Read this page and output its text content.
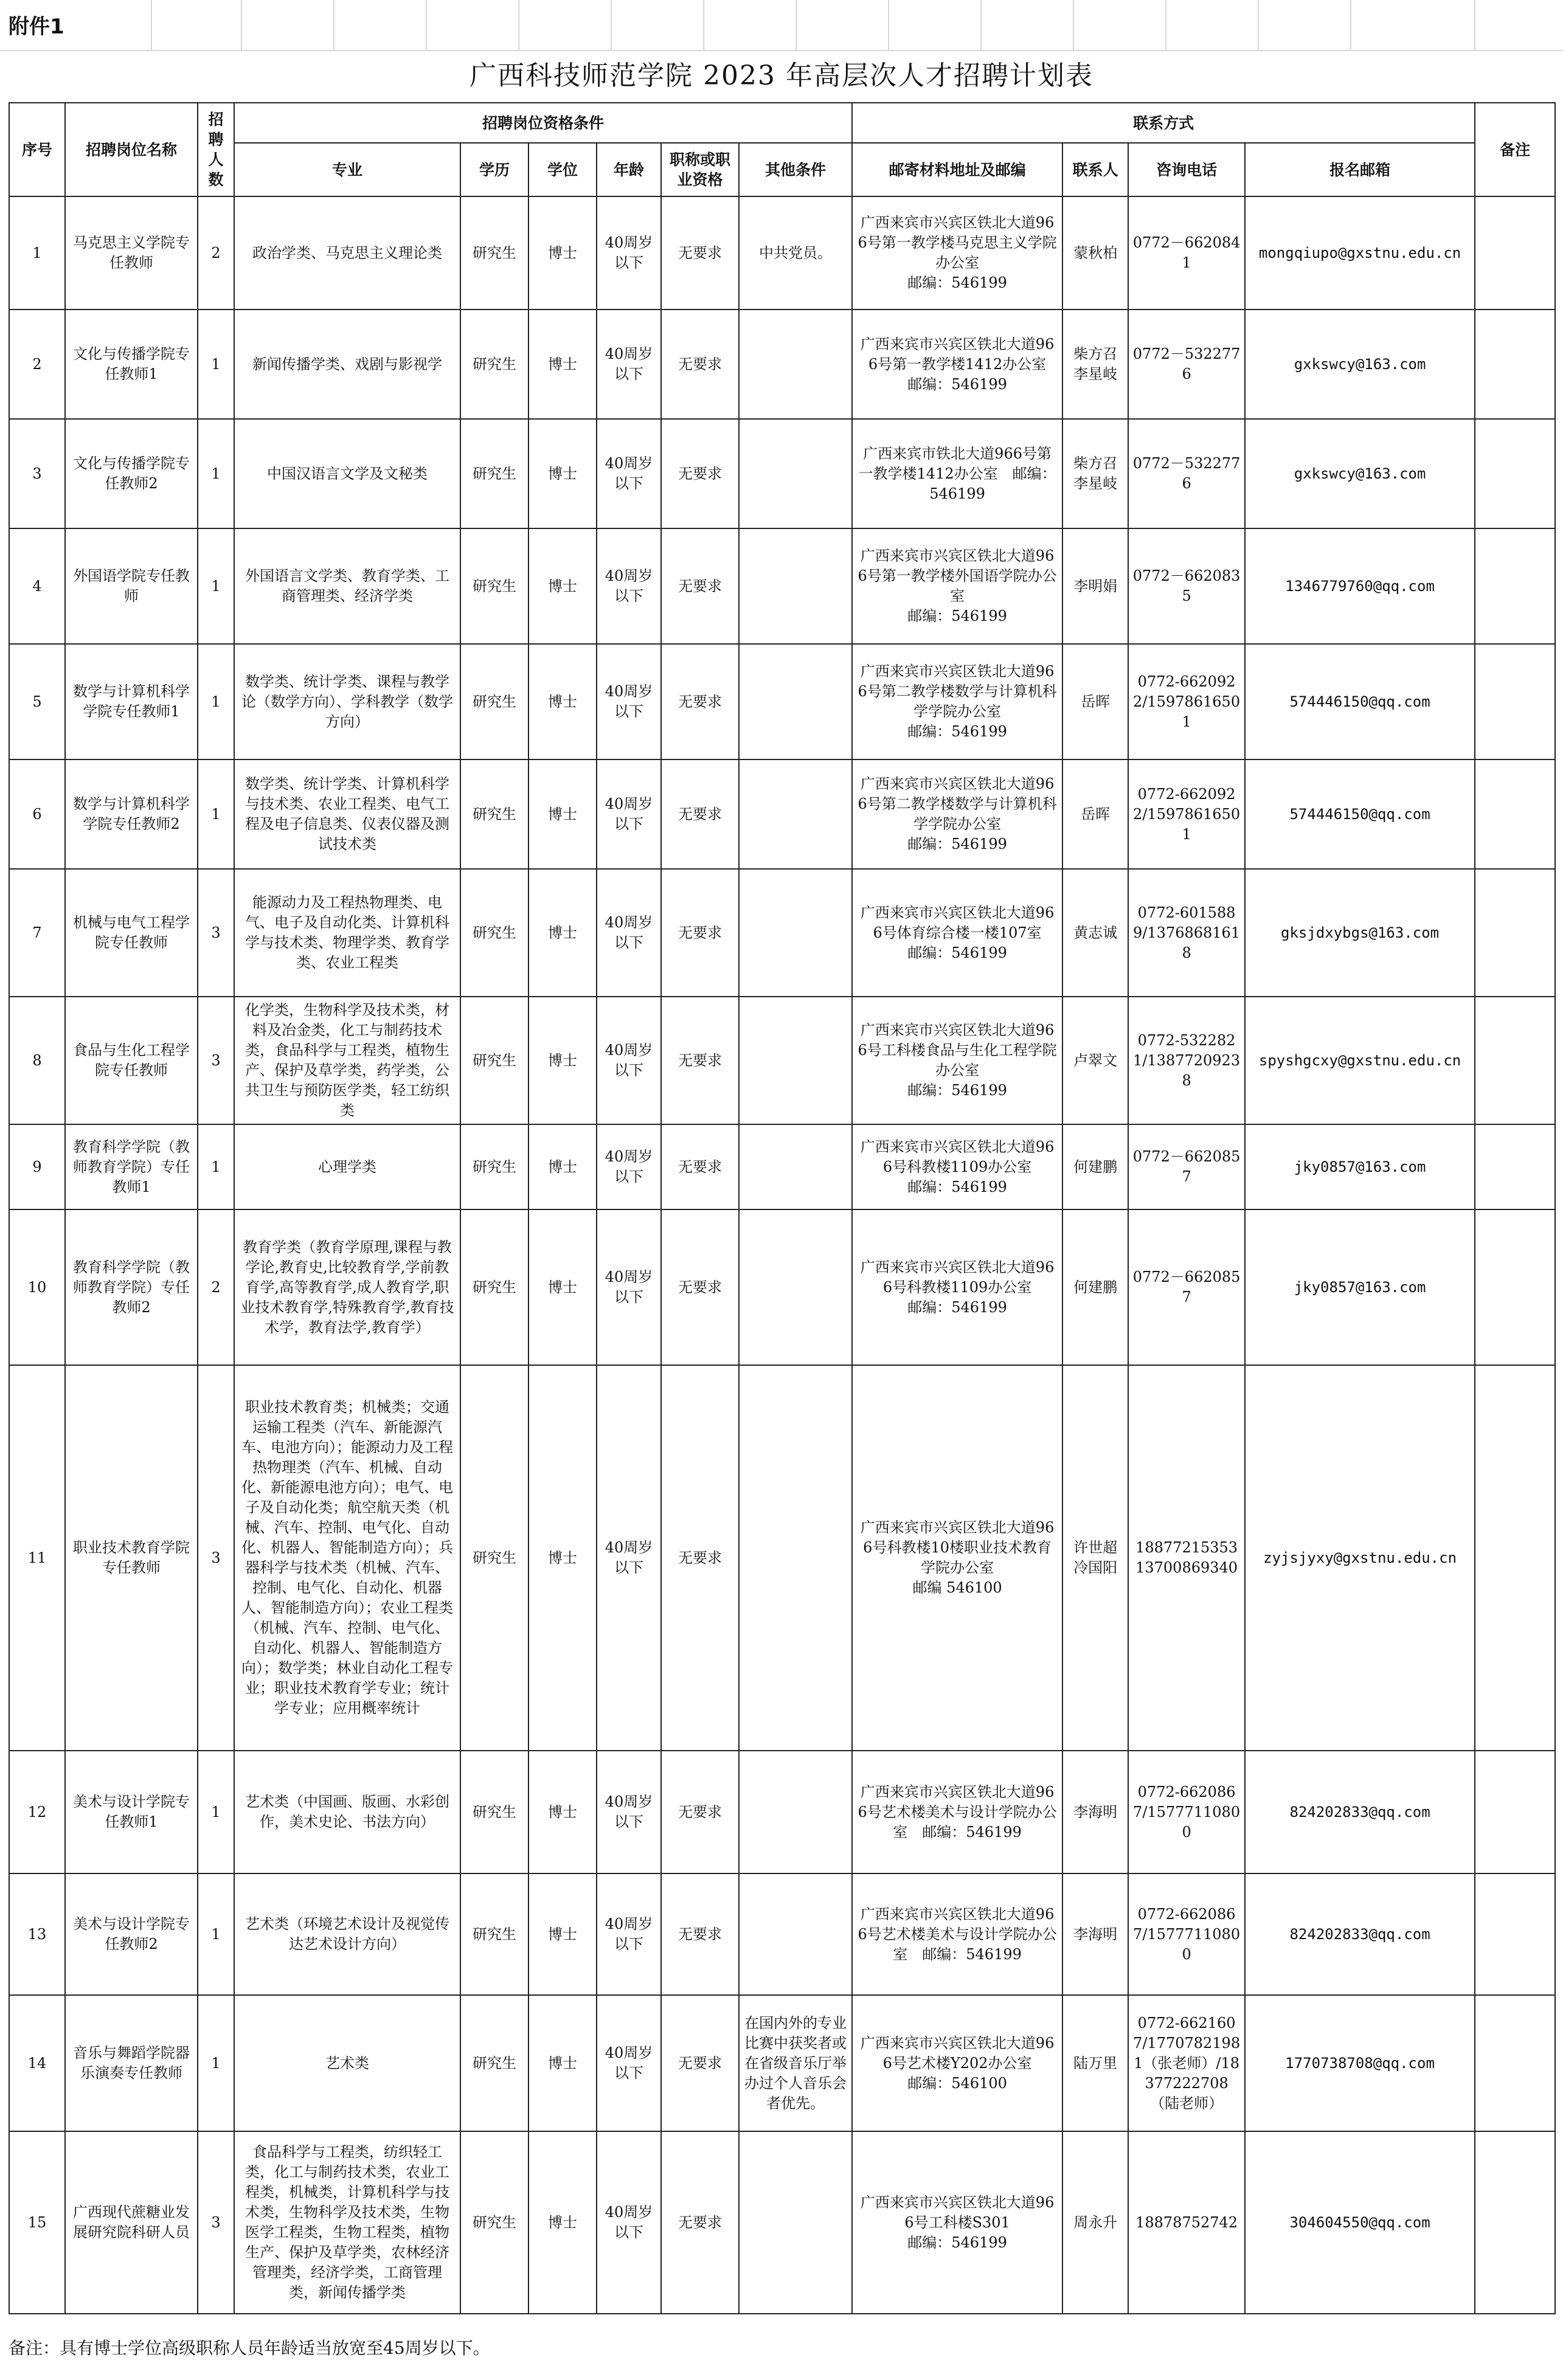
附件1
广西科技师范学院 2023 年高层次人才招聘计划表
序号	招聘岗位名称	招聘人数	招聘岗位资格条件						联系方式				备注
			专业	学历	学位	年龄	职称或职业资格	其他条件	邮寄材料地址及邮编	联系人	咨询电话	报名邮箱	
1	马克思主义学院专任教师	2	政治学类、马克思主义理论类	研究生	博士	40周岁以下	无要求	中共党员。	广西来宾市兴宾区铁北大道966号第一教学楼马克思主义学院办公室
邮编：546199	蒙秋柏	0772－6620841	mongqiupo@gxstnu.edu.cn	
2	文化与传播学院专任教师1	1	新闻传播学类、戏剧与影视学	研究生	博士	40周岁以下	无要求		广西来宾市兴宾区铁北大道966号第一教学楼1412办公室　邮编：546199	柴方召
李星岐	0772－5322776	gxkswcy@163.com	
3	文化与传播学院专任教师2	1	中国汉语言文学及文秘类	研究生	博士	40周岁以下	无要求		广西来宾市铁北大道966号第一教学楼1412办公室　邮编：546199	柴方召
李星岐	0772－5322776	gxkswcy@163.com	
4	外国语学院专任教师	1	外国语言文学类、教育学类、工商管理类、经济学类	研究生	博士	40周岁以下	无要求		广西来宾市兴宾区铁北大道966号第一教学楼外国语学院办公室
邮编：546199	李明娟	0772－6620835	1346779760@qq.com	
5	数学与计算机科学学院专任教师1	1	数学类、统计学类、课程与教学论（数学方向）、学科教学（数学方向）	研究生	博士	40周岁以下	无要求		广西来宾市兴宾区铁北大道966号第二教学楼数学与计算机科学学院办公室
邮编：546199	岳晖	0772-6620922/15978616501	574446150@qq.com	
6	数学与计算机科学学院专任教师2	1	数学类、统计学类、计算机科学与技术类、农业工程类、电气工程及电子信息类、仪表仪器及测试技术类	研究生	博士	40周岁以下	无要求		广西来宾市兴宾区铁北大道966号第二教学楼数学与计算机科学学院办公室
邮编：546199	岳晖	0772-6620922/15978616501	574446150@qq.com	
7	机械与电气工程学院专任教师	3	能源动力及工程热物理类、电气、电子及自动化类、计算机科学与技术类、物理学类、教育学类、农业工程类	研究生	博士	40周岁以下	无要求		广西来宾市兴宾区铁北大道966号体育综合楼一楼107室
邮编：546199	黄志诚	0772-6015889/13768681618	gksjdxybgs@163.com	
8	食品与生化工程学院专任教师	3	化学类，生物科学及技术类，材料及冶金类，化工与制药技术类，食品科学与工程类，植物生产、保护及草学类，药学类，公共卫生与预防医学类，轻工纺织类	研究生	博士	40周岁以下	无要求		广西来宾市兴宾区铁北大道966号工科楼食品与生化工程学院办公室
邮编：546199	卢翠文	0772-5322821/13877209238	spyshgcxy@gxstnu.edu.cn	
9	教育科学学院（教师教育学院）专任教师1	1	心理学类	研究生	博士	40周岁以下	无要求		广西来宾市兴宾区铁北大道966号科教楼1109办公室
邮编：546199	何建鹏	0772－6620857	jky0857@163.com	
10	教育科学学院（教师教育学院）专任教师2	2	教育学类（教育学原理,课程与教学论,教育史,比较教育学,学前教育学,高等教育学,成人教育学,职业技术教育学,特殊教育学,教育技术学，教育法学,教育学）	研究生	博士	40周岁以下	无要求		广西来宾市兴宾区铁北大道966号科教楼1109办公室
邮编：546199	何建鹏	0772－6620857	jky0857@163.com	
11	职业技术教育学院专任教师	3	职业技术教育类；机械类；交通运输工程类（汽车、新能源汽车、电池方向）；能源动力及工程热物理类（汽车、机械、自动化、新能源电池方向）；电气、电子及自动化类；航空航天类（机械、汽车、控制、电气化、自动化、机器人、智能制造方向）；兵器科学与技术类（机械、汽车、控制、电气化、自动化、机器人、智能制造方向）；农业工程类（机械、汽车、控制、电气化、自动化、机器人、智能制造方向）；数学类；林业自动化工程专业；职业技术教育学专业；统计学专业；应用概率统计	研究生	博士	40周岁以下	无要求		广西来宾市兴宾区铁北大道966号科教楼10楼职业技术教育学院办公室
邮编 546100	许世超
冷国阳	18877215353
13700869340	zyjsjyxy@gxstnu.edu.cn	
12	美术与设计学院专任教师1	1	艺术类（中国画、版画、水彩创作，美术史论、书法方向）	研究生	博士	40周岁以下	无要求		广西来宾市兴宾区铁北大道966号艺术楼美术与设计学院办公室　邮编：546199	李海明	0772-6620867/15777110800	824202833@qq.com	
13	美术与设计学院专任教师2	1	艺术类（环境艺术设计及视觉传达艺术设计方向）	研究生	博士	40周岁以下	无要求		广西来宾市兴宾区铁北大道966号艺术楼美术与设计学院办公室　邮编：546199	李海明	0772-6620867/15777110800	824202833@qq.com	
14	音乐与舞蹈学院器乐演奏专任教师	1	艺术类	研究生	博士	40周岁以下	无要求	在国内外的专业比赛中获奖者或在省级音乐厅举办过个人音乐会者优先。	广西来宾市兴宾区铁北大道966号艺术楼Y202办公室
邮编：546100	陆万里	0772-6621607/17707821981（张老师）/18377222708（陆老师）	1770738708@qq.com	
15	广西现代蔗糖业发展研究院科研人员	3	食品科学与工程类，纺织轻工类，化工与制药技术类，农业工程类，机械类，计算机科学与技术类，生物科学及技术类，生物医学工程类，生物工程类，植物生产、保护及草学类，农林经济管理类，经济学类，工商管理类，新闻传播学类	研究生	博士	40周岁以下	无要求		广西来宾市兴宾区铁北大道966号工科楼S301
邮编：546199	周永升	18878752742	304604550@qq.com	
备注：具有博士学位高级职称人员年龄适当放宽至45周岁以下。
